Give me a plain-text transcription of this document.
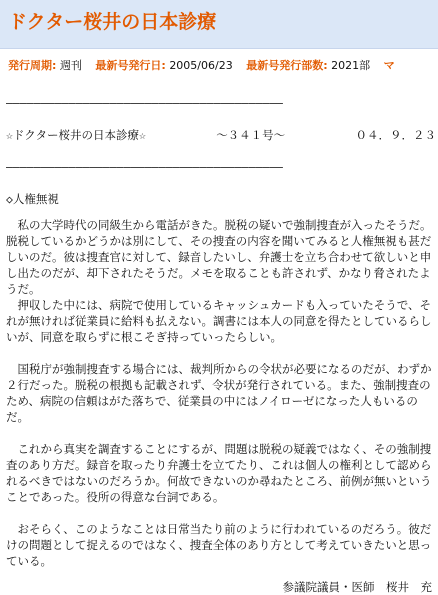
ドクター桜井の日本診療
発行周期: 週刊 最新号発行日: 2005/06/23 最新号発行部数: 2021部 マ
――――――――――――――――――――――――――――――――――――――――
☆ドクター桜井の日本診療☆	～３４１号～	０４．９．２３
――――――――――――――――――――――――――――――――――――――――
◇人権無視

私の大学時代の同級生から電話がきた。脱税の疑いで強制捜査が入ったそうだ。脱税しているかどうかは別にして、その捜査の内容を聞いてみると人権無視も甚だしいのだ。彼は捜査官に対して、録音したいし、弁護士を立ち合わせて欲しいと申し出たのだが、却下されたそうだ。メモを取ることも許されず、かなり脅されたようだ。

押収した中には、病院で使用しているキャッシュカードも入っていたそうで、それが無ければ従業員に給料も払えない。調書には本人の同意を得たとしているらしいが、同意を取らずに根こそぎ持っていったらしい。

国税庁が強制捜査する場合には、裁判所からの令状が必要になるのだが、わずか２行だった。脱税の根拠も記載されず、令状が発行されている。また、強制捜査のため、病院の信頼はがた落ちで、従業員の中にはノイローゼになった人もいるのだ。

これから真実を調査することにするが、問題は脱税の疑義ではなく、その強制捜査のあり方だ。録音を取ったり弁護士を立てたり、これは個人の権利として認められるべきではないのだろうか。何故できないのか尋ねたところ、前例が無いということであった。役所の得意な台詞である。

おそらく、このようなことは日常当たり前のように行われているのだろう。彼だけの問題として捉えるのではなく、捜査全体のあり方として考えていきたいと思っている。

参議院議員・医師　桜井　充
